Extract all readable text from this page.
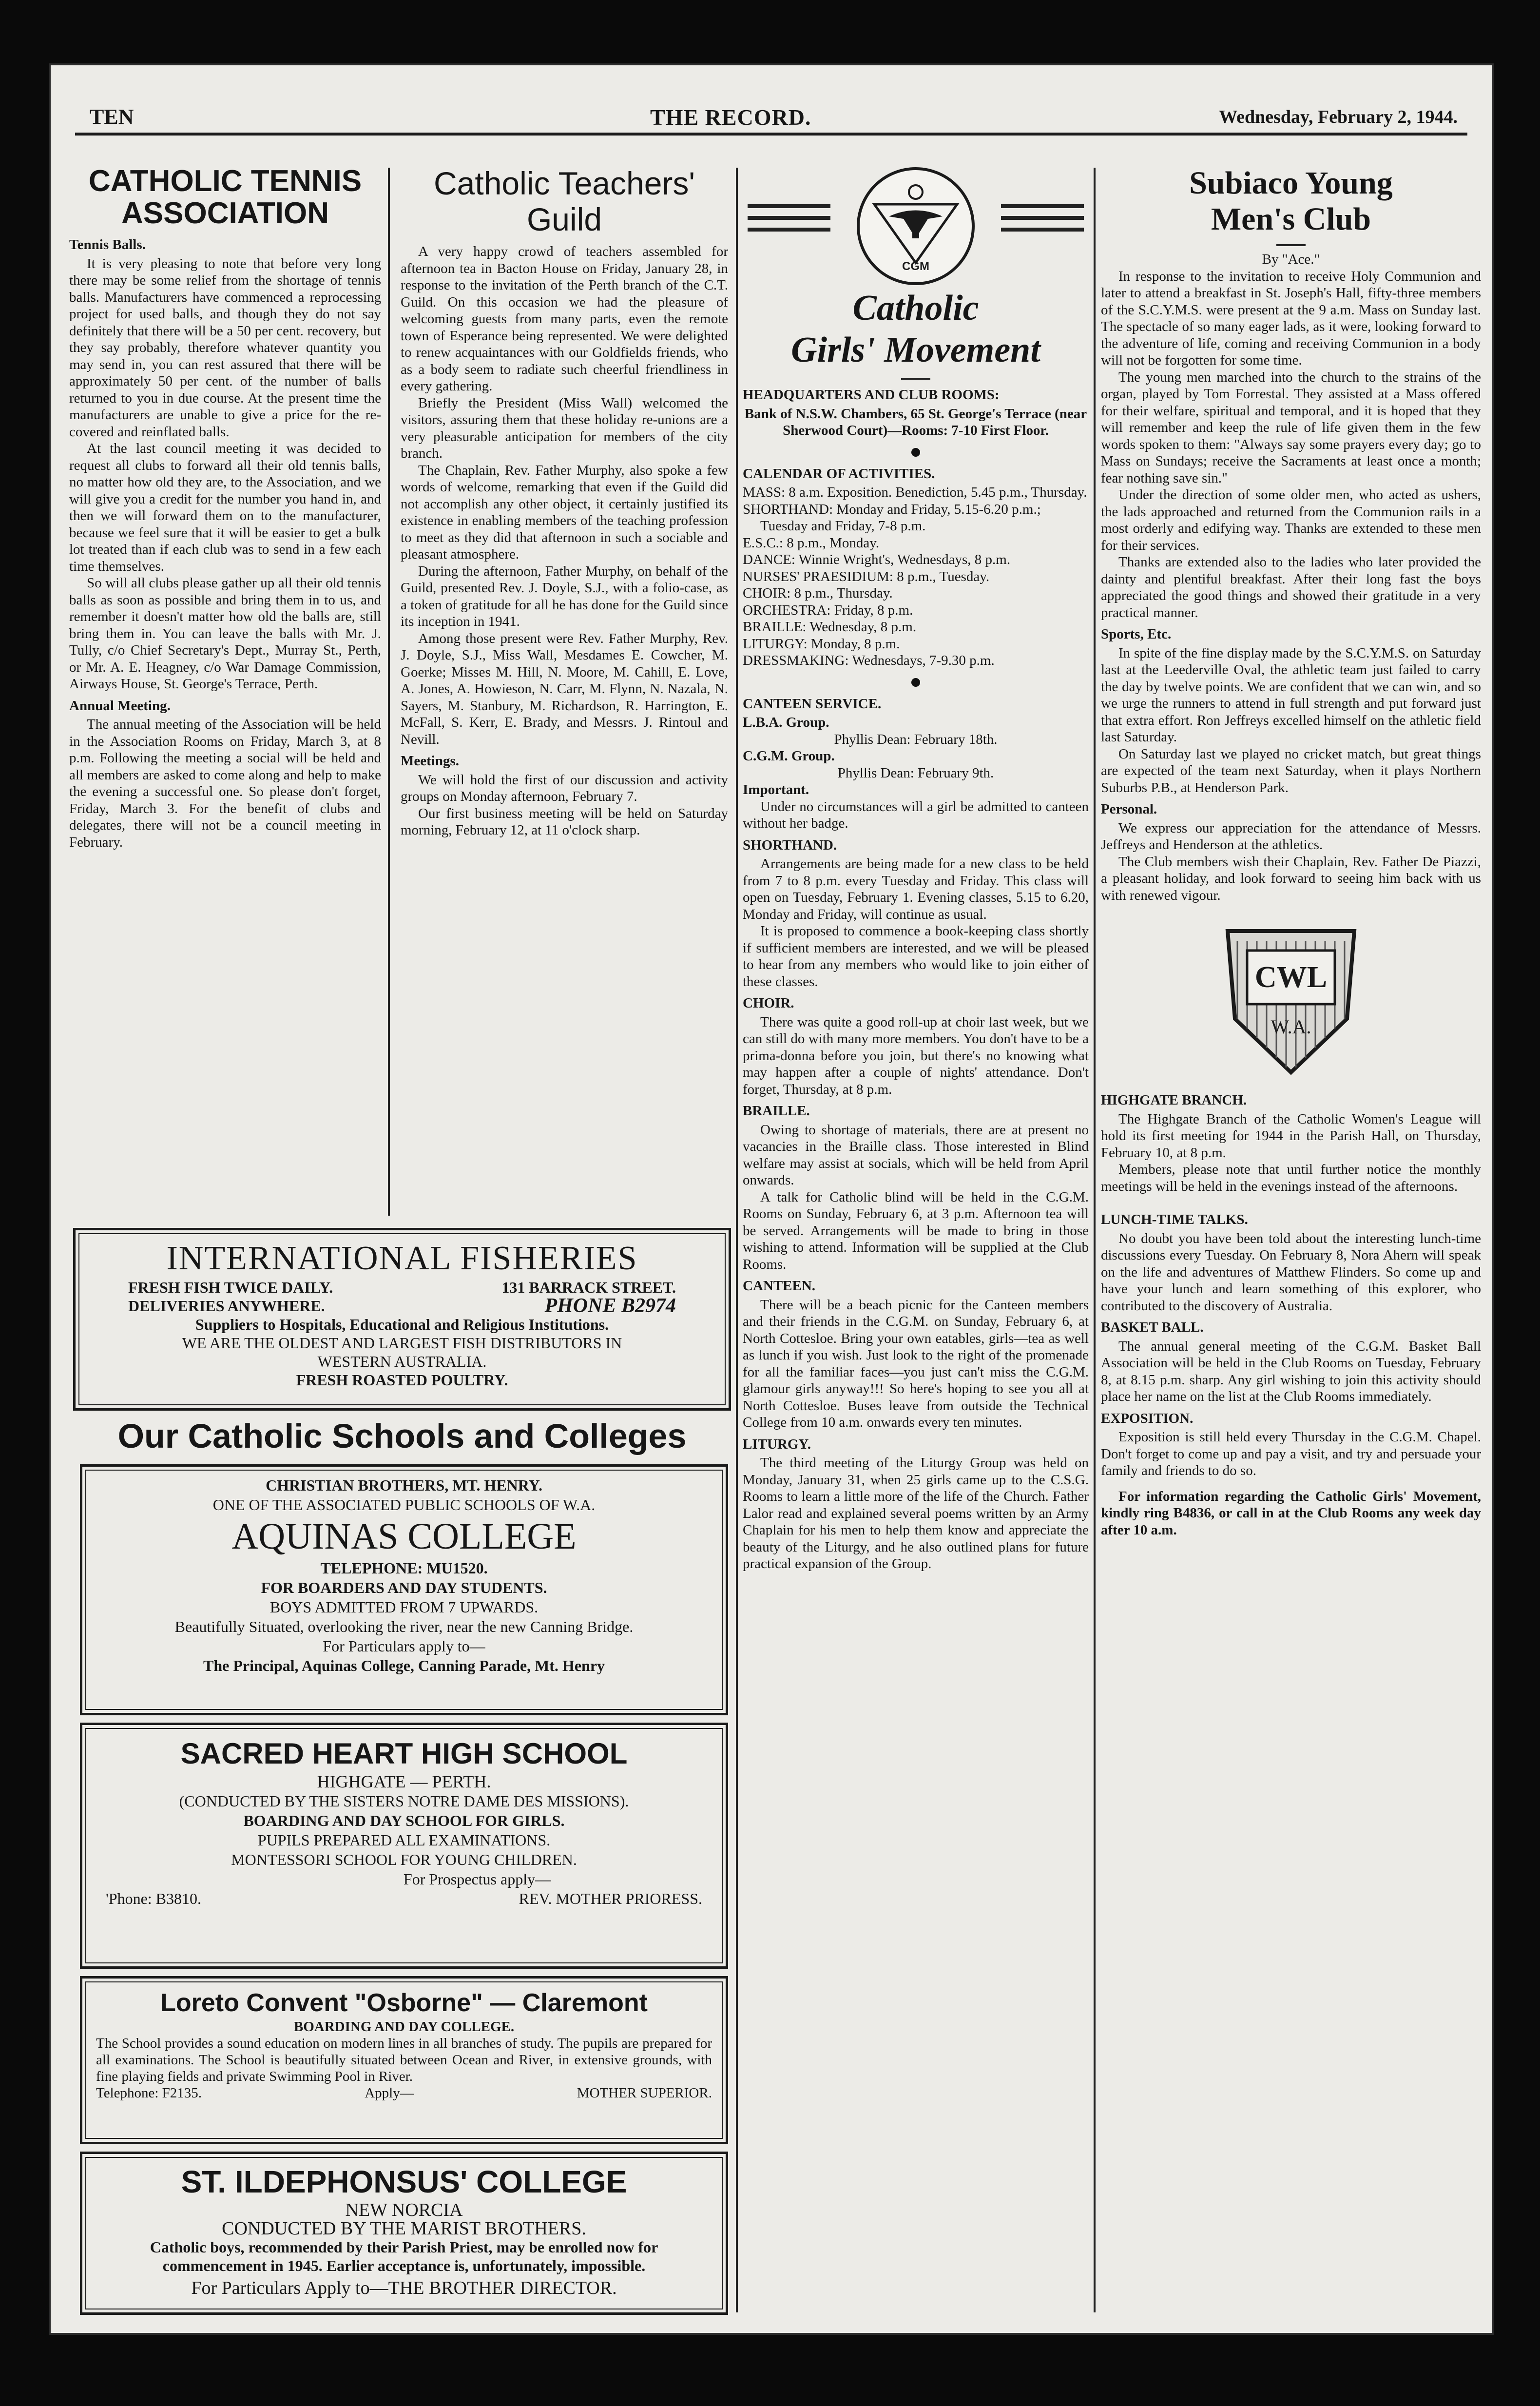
TEN	THE RECORD.	Wednesday, February 2, 1944.
CATHOLIC TENNIS
ASSOCIATION

Tennis Balls.

It is very pleasing to note that before very long there may be some relief from the shortage of tennis balls. Manufacturers have commenced a reprocessing project for used balls, and though they do not say definitely that there will be a 50 per cent. recovery, but they say probably, therefore whatever quantity you may send in, you can rest assured that there will be approximately 50 per cent. of the number of balls returned to you in due course. At the present time the manufacturers are unable to give a price for the re-covered and reinflated balls.

At the last council meeting it was decided to request all clubs to forward all their old tennis balls, no matter how old they are, to the Association, and we will give you a credit for the number you hand in, and then we will forward them on to the manufacturer, because we feel sure that it will be easier to get a bulk lot treated than if each club was to send in a few each time themselves.

So will all clubs please gather up all their old tennis balls as soon as possible and bring them in to us, and remember it doesn't matter how old the balls are, still bring them in. You can leave the balls with Mr. J. Tully, c/o Chief Secretary's Dept., Murray St., Perth, or Mr. A. E. Heagney, c/o War Damage Commission, Airways House, St. George's Terrace, Perth.

Annual Meeting.

The annual meeting of the Association will be held in the Association Rooms on Friday, March 3, at 8 p.m. Following the meeting a social will be held and all members are asked to come along and help to make the evening a successful one. So please don't forget, Friday, March 3. For the benefit of clubs and delegates, there will not be a council meeting in February.

Catholic Teachers'
Guild

A very happy crowd of teachers assembled for afternoon tea in Bacton House on Friday, January 28, in response to the invitation of the Perth branch of the C.T. Guild. On this occasion we had the pleasure of welcoming guests from many parts, even the remote town of Esperance being represented. We were delighted to renew acquaintances with our Goldfields friends, who as a body seem to radiate such cheerful friendliness in every gathering.

Briefly the President (Miss Wall) welcomed the visitors, assuring them that these holiday re-unions are a very pleasurable anticipation for members of the city branch.

The Chaplain, Rev. Father Murphy, also spoke a few words of welcome, remarking that even if the Guild did not accomplish any other object, it certainly justified its existence in enabling members of the teaching profession to meet as they did that afternoon in such a sociable and pleasant atmosphere.

During the afternoon, Father Murphy, on behalf of the Guild, presented Rev. J. Doyle, S.J., with a folio-case, as a token of gratitude for all he has done for the Guild since its inception in 1941.

Among those present were Rev. Father Murphy, Rev. J. Doyle, S.J., Miss Wall, Mesdames E. Cowcher, M. Goerke; Misses M. Hill, N. Moore, M. Cahill, E. Love, A. Jones, A. Howieson, N. Carr, M. Flynn, N. Nazala, N. Sayers, M. Stanbury, M. Richardson, R. Harrington, E. McFall, S. Kerr, E. Brady, and Messrs. J. Rintoul and Nevill.

Meetings.

We will hold the first of our discussion and activity groups on Monday afternoon, February 7.

Our first business meeting will be held on Saturday morning, February 12, at 11 o'clock sharp.

INTERNATIONAL FISHERIES
FRESH FISH TWICE DAILY.	131 BARRACK STREET.
DELIVERIES ANYWHERE.	PHONE B2974
Suppliers to Hospitals, Educational and Religious Institutions.
WE ARE THE OLDEST AND LARGEST FISH DISTRIBUTORS IN
WESTERN AUSTRALIA.
FRESH ROASTED POULTRY.
Our Catholic Schools and Colleges
CHRISTIAN BROTHERS, MT. HENRY.
ONE OF THE ASSOCIATED PUBLIC SCHOOLS OF W.A.
AQUINAS COLLEGE
TELEPHONE: MU1520.
FOR BOARDERS AND DAY STUDENTS.
BOYS ADMITTED FROM 7 UPWARDS.
Beautifully Situated, overlooking the river, near the new Canning Bridge.
For Particulars apply to—
The Principal, Aquinas College, Canning Parade, Mt. Henry
SACRED HEART HIGH SCHOOL
HIGHGATE — PERTH.
(CONDUCTED BY THE SISTERS NOTRE DAME DES MISSIONS).
BOARDING AND DAY SCHOOL FOR GIRLS.
PUPILS PREPARED ALL EXAMINATIONS.
MONTESSORI SCHOOL FOR YOUNG CHILDREN.
For Prospectus apply—
'Phone: B3810.	REV. MOTHER PRIORESS.
Loreto Convent "Osborne" — Claremont
BOARDING AND DAY COLLEGE.
The School provides a sound education on modern lines in all branches of study. The pupils are prepared for all examinations. The School is beautifully situated between Ocean and River, in extensive grounds, with fine playing fields and private Swimming Pool in River.
Telephone: F2135.	Apply—	MOTHER SUPERIOR.
ST. ILDEPHONSUS' COLLEGE
NEW NORCIA
CONDUCTED BY THE MARIST BROTHERS.
Catholic boys, recommended by their Parish Priest, may be enrolled now for commencement in 1945. Earlier acceptance is, unfortunately, impossible.
For Particulars Apply to—THE BROTHER DIRECTOR.
CGM
Catholic
Girls' Movement

HEADQUARTERS AND CLUB ROOMS:

Bank of N.S.W. Chambers, 65 St. George's Terrace (near Sherwood Court)—Rooms: 7-10 First Floor.

CALENDAR OF ACTIVITIES.

MASS: 8 a.m. Exposition. Benediction, 5.45 p.m., Thursday.

SHORTHAND: Monday and Friday, 5.15-6.20 p.m.; Tuesday and Friday, 7-8 p.m.

E.S.C.: 8 p.m., Monday.

DANCE: Winnie Wright's, Wednesdays, 8 p.m.

NURSES' PRAESIDIUM: 8 p.m., Tuesday.

CHOIR: 8 p.m., Thursday.

ORCHESTRA: Friday, 8 p.m.

BRAILLE: Wednesday, 8 p.m.

LITURGY: Monday, 8 p.m.

DRESSMAKING: Wednesdays, 7-9.30 p.m.

CANTEEN SERVICE.

L.B.A. Group.

Phyllis Dean: February 18th.

C.G.M. Group.

Phyllis Dean: February 9th.

Important.

Under no circumstances will a girl be admitted to canteen without her badge.

SHORTHAND.

Arrangements are being made for a new class to be held from 7 to 8 p.m. every Tuesday and Friday. This class will open on Tuesday, February 1. Evening classes, 5.15 to 6.20, Monday and Friday, will continue as usual.

It is proposed to commence a book-keeping class shortly if sufficient members are interested, and we will be pleased to hear from any members who would like to join either of these classes.

CHOIR.

There was quite a good roll-up at choir last week, but we can still do with many more members. You don't have to be a prima-donna before you join, but there's no knowing what may happen after a couple of nights' attendance. Don't forget, Thursday, at 8 p.m.

BRAILLE.

Owing to shortage of materials, there are at present no vacancies in the Braille class. Those interested in Blind welfare may assist at socials, which will be held from April onwards.

A talk for Catholic blind will be held in the C.G.M. Rooms on Sunday, February 6, at 3 p.m. Afternoon tea will be served. Arrangements will be made to bring in those wishing to attend. Information will be supplied at the Club Rooms.

CANTEEN.

There will be a beach picnic for the Canteen members and their friends in the C.G.M. on Sunday, February 6, at North Cottesloe. Bring your own eatables, girls—tea as well as lunch if you wish. Just look to the right of the promenade for all the familiar faces—you just can't miss the C.G.M. glamour girls anyway!!! So here's hoping to see you all at North Cottesloe. Buses leave from outside the Technical College from 10 a.m. onwards every ten minutes.

LITURGY.

The third meeting of the Liturgy Group was held on Monday, January 31, when 25 girls came up to the C.S.G. Rooms to learn a little more of the life of the Church. Father Lalor read and explained several poems written by an Army Chaplain for his men to help them know and appreciate the beauty of the Liturgy, and he also outlined plans for future practical expansion of the Group.

Subiaco Young
Men's Club

By "Ace."

In response to the invitation to receive Holy Communion and later to attend a breakfast in St. Joseph's Hall, fifty-three members of the S.C.Y.M.S. were present at the 9 a.m. Mass on Sunday last. The spectacle of so many eager lads, as it were, looking forward to the adventure of life, coming and receiving Communion in a body will not be forgotten for some time.

The young men marched into the church to the strains of the organ, played by Tom Forrestal. They assisted at a Mass offered for their welfare, spiritual and temporal, and it is hoped that they will remember and keep the rule of life given them in the few words spoken to them: "Always say some prayers every day; go to Mass on Sundays; receive the Sacraments at least once a month; fear nothing save sin."

Under the direction of some older men, who acted as ushers, the lads approached and returned from the Communion rails in a most orderly and edifying way. Thanks are extended to these men for their services.

Thanks are extended also to the ladies who later provided the dainty and plentiful breakfast. After their long fast the boys appreciated the good things and showed their gratitude in a very practical manner.

Sports, Etc.

In spite of the fine display made by the S.C.Y.M.S. on Saturday last at the Leederville Oval, the athletic team just failed to carry the day by twelve points. We are confident that we can win, and so we urge the runners to attend in full strength and put forward just that extra effort. Ron Jeffreys excelled himself on the athletic field last Saturday.

On Saturday last we played no cricket match, but great things are expected of the team next Saturday, when it plays Northern Suburbs P.B., at Henderson Park.

Personal.

We express our appreciation for the attendance of Messrs. Jeffreys and Henderson at the athletics.

The Club members wish their Chaplain, Rev. Father De Piazzi, a pleasant holiday, and look forward to seeing him back with us with renewed vigour.

CWL
W.A.

HIGHGATE BRANCH.

The Highgate Branch of the Catholic Women's League will hold its first meeting for 1944 in the Parish Hall, on Thursday, February 10, at 8 p.m.

Members, please note that until further notice the monthly meetings will be held in the evenings instead of the afternoons.

LUNCH-TIME TALKS.

No doubt you have been told about the interesting lunch-time discussions every Tuesday. On February 8, Nora Ahern will speak on the life and adventures of Matthew Flinders. So come up and have your lunch and learn something of this explorer, who contributed to the discovery of Australia.

BASKET BALL.

The annual general meeting of the C.G.M. Basket Ball Association will be held in the Club Rooms on Tuesday, February 8, at 8.15 p.m. sharp. Any girl wishing to join this activity should place her name on the list at the Club Rooms immediately.

EXPOSITION.

Exposition is still held every Thursday in the C.G.M. Chapel. Don't forget to come up and pay a visit, and try and persuade your family and friends to do so.

For information regarding the Catholic Girls' Movement, kindly ring B4836, or call in at the Club Rooms any week day after 10 a.m.
